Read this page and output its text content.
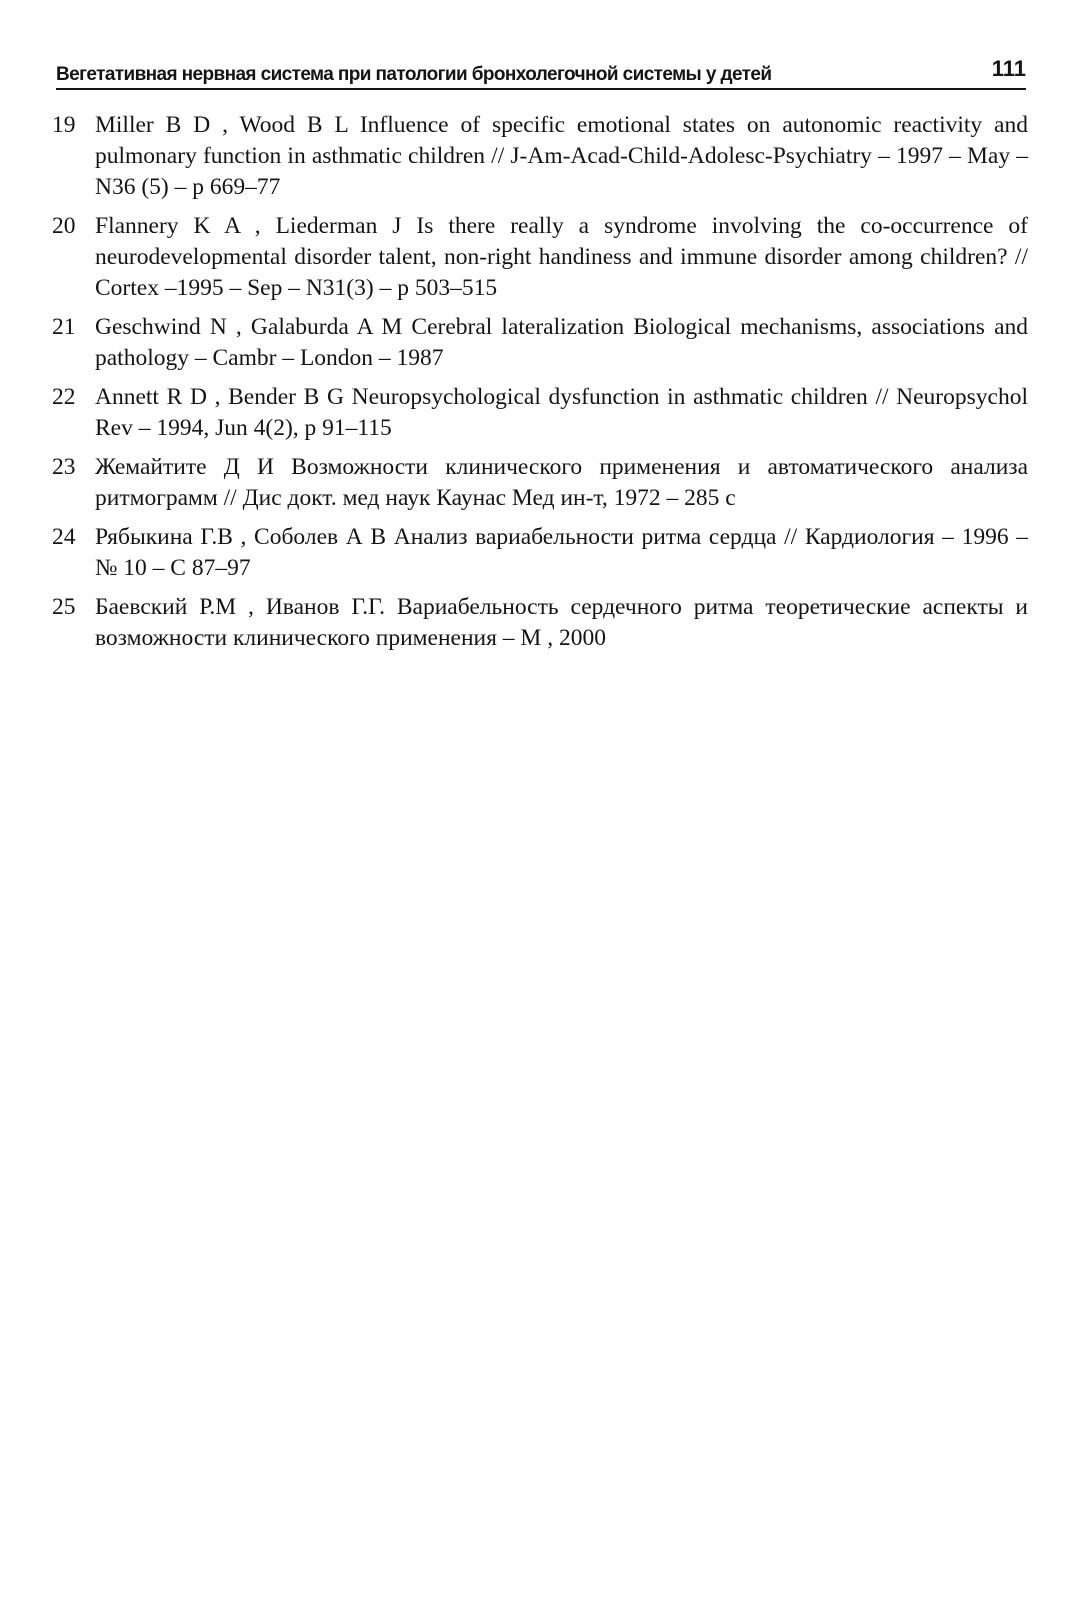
Вегетативная нервная система при патологии бронхолегочной системы у детей	111
19 Miller B D , Wood B L Influence of specific emotional states on autonomic reactivity and pulmonary function in asthmatic children // J-Am-Acad-Child-Adolesc-Psychiatry – 1997 – May – N36 (5) – p 669–77
20 Flannery K A , Liederman J Is there really a syndrome involving the co-occurrence of neurodevelopmental disorder talent, non-right handiness and immune disorder among children? // Cortex –1995 – Sep – N31(3) – p 503–515
21 Geschwind N , Galaburda A M Cerebral lateralization Biological mechanisms, associations and pathology – Cambr – London – 1987
22 Annett R D , Bender B G Neuropsychological dysfunction in asthmatic children // Neuropsychol Rev – 1994, Jun 4(2), p 91–115
23 Жемайтите Д И Возможности клинического применения и автоматического анализа ритмограмм // Дис докт. мед наук Каунас Мед ин-т, 1972 – 285 с
24 Рябыкина Г.В , Соболев А В Анализ вариабельности ритма сердца // Кардиология – 1996 – № 10 – С 87–97
25 Баевский Р.М , Иванов Г.Г. Вариабельность сердечного ритма теоретические аспекты и возможности клинического применения – М , 2000
